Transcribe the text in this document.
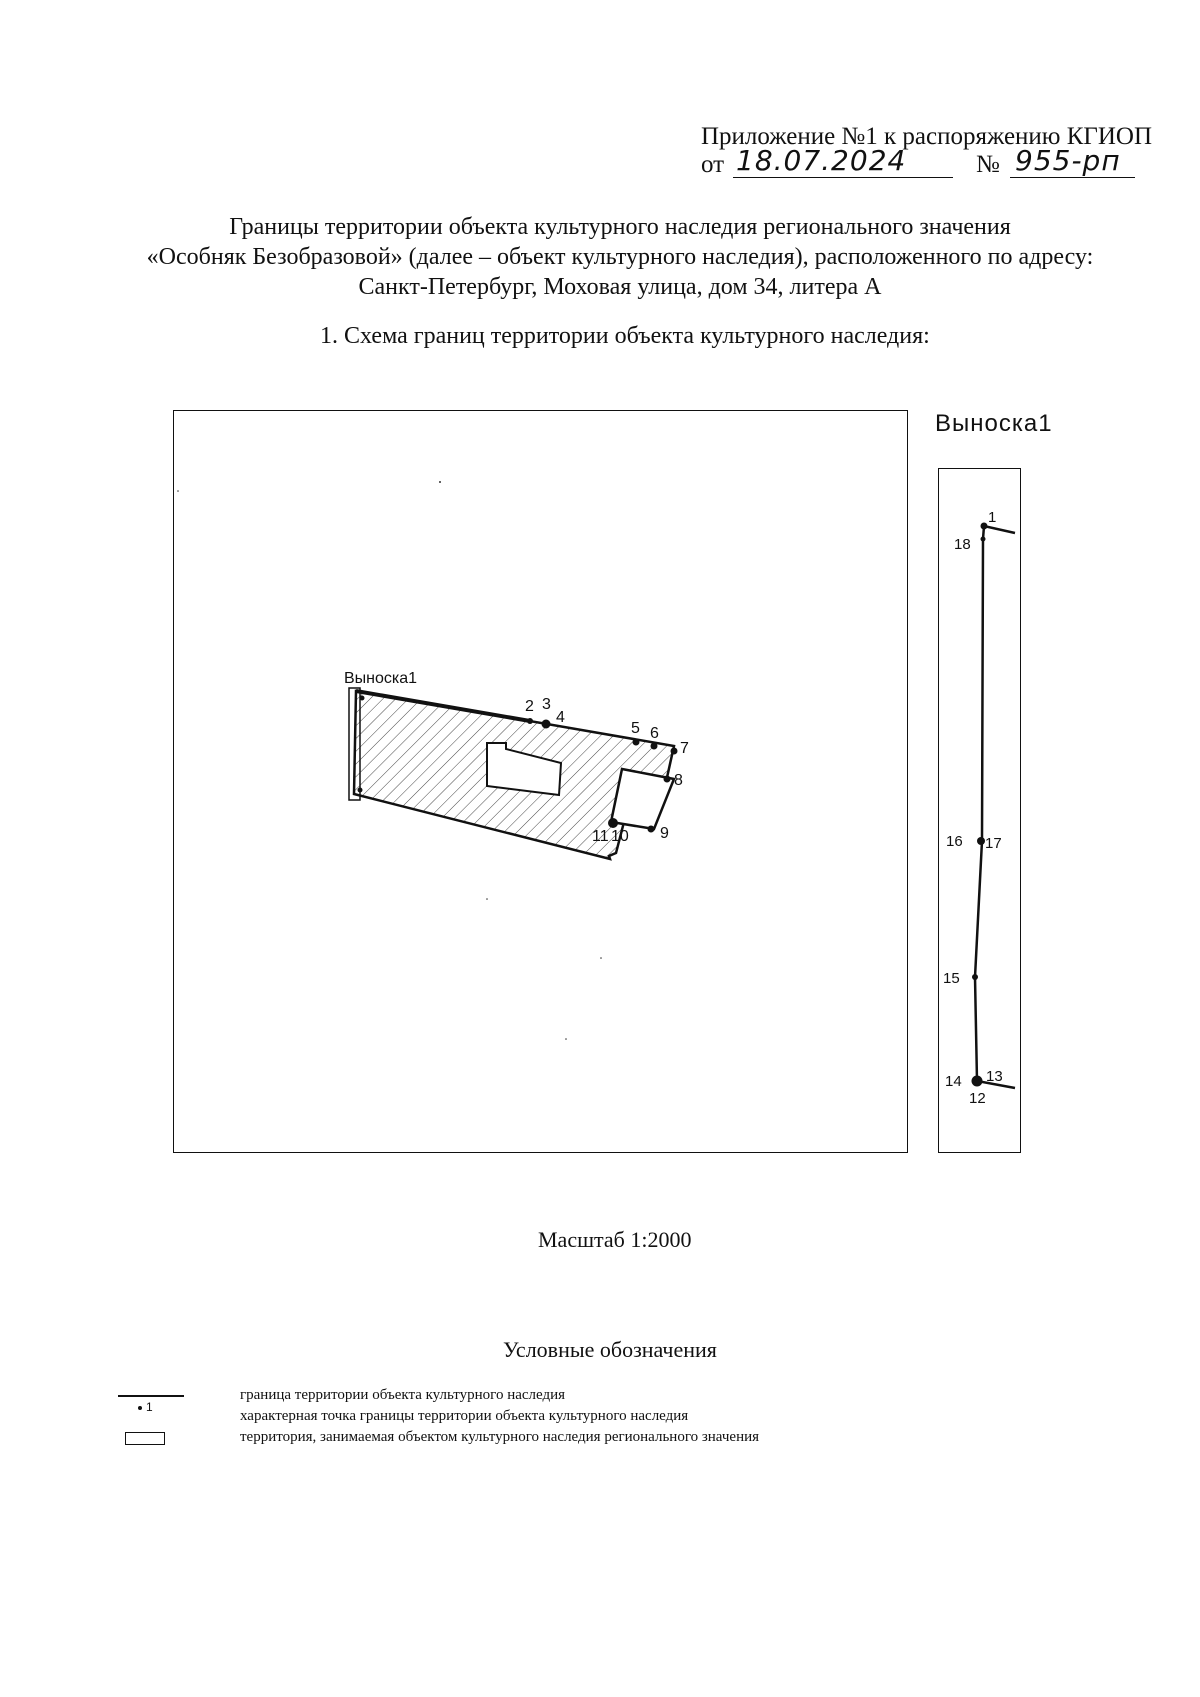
Приложение №1 к распоряжению КГИОП
от 18.07.2024	№ 955-рп
Границы территории объекта культурного наследия регионального значения
«Особняк Безобразовой» (далее – объект культурного наследия), расположенного по адресу:
Санкт-Петербург, Моховая улица, дом 34, литера А
1. Схема границ территории объекта культурного наследия:
Выноска1
2 3
4
5 6
7
8
9
10
11
Выноска1
1
18
16 17
15
14 13
12
Масштаб 1:2000
Условные обозначения
1
граница территории объекта культурного наследия
характерная точка границы территории объекта культурного наследия
территория, занимаемая объектом культурного наследия регионального значения
